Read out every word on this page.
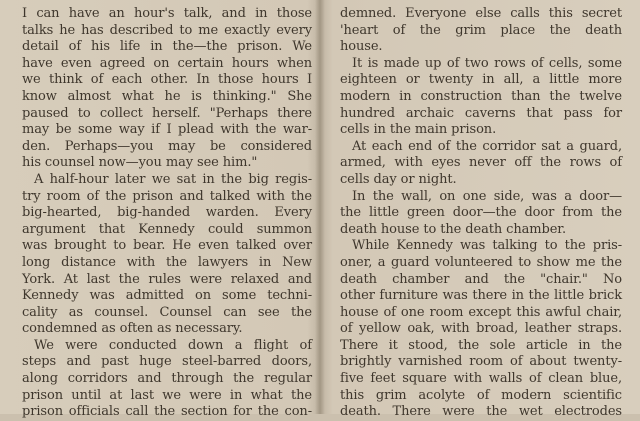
I can have an hour's talk, and in those
talks he has described to me exactly every
detail of his life in the—the prison. We
have even agreed on certain hours when
we think of each other. In those hours I
know almost what he is thinking." She
paused to collect herself. "Perhaps there
may be some way if I plead with the war-
den. Perhaps—you may be considered
his counsel now—you may see him."
A half-hour later we sat in the big regis-
try room of the prison and talked with the
big-hearted, big-handed warden. Every
argument that Kennedy could summon
was brought to bear. He even talked over
long distance with the lawyers in New
York. At last the rules were relaxed and
Kennedy was admitted on some techni-
cality as counsel. Counsel can see the
condemned as often as necessary.
We were conducted down a flight of
steps and past huge steel-barred doors,
along corridors and through the regular
prison until at last we were in what the
prison officials call the section for the con-
demned. Everyone else calls this secret
'heart of the grim place the death
house.
It is made up of two rows of cells, some
eighteen or twenty in all, a little more
modern in construction than the twelve
hundred archaic caverns that pass for
cells in the main prison.
At each end of the corridor sat a guard,
armed, with eyes never off the rows of
cells day or night.
In the wall, on one side, was a door—
the little green door—the door from the
death house to the death chamber.
While Kennedy was talking to the pris-
oner, a guard volunteered to show me the
death chamber and the "chair." No
other furniture was there in the little brick
house of one room except this awful chair,
of yellow oak, with broad, leather straps.
There it stood, the sole article in the
brightly varnished room of about twenty-
five feet square with walls of clean blue,
this grim acolyte of modern scientific
death. There were the wet electrodes
